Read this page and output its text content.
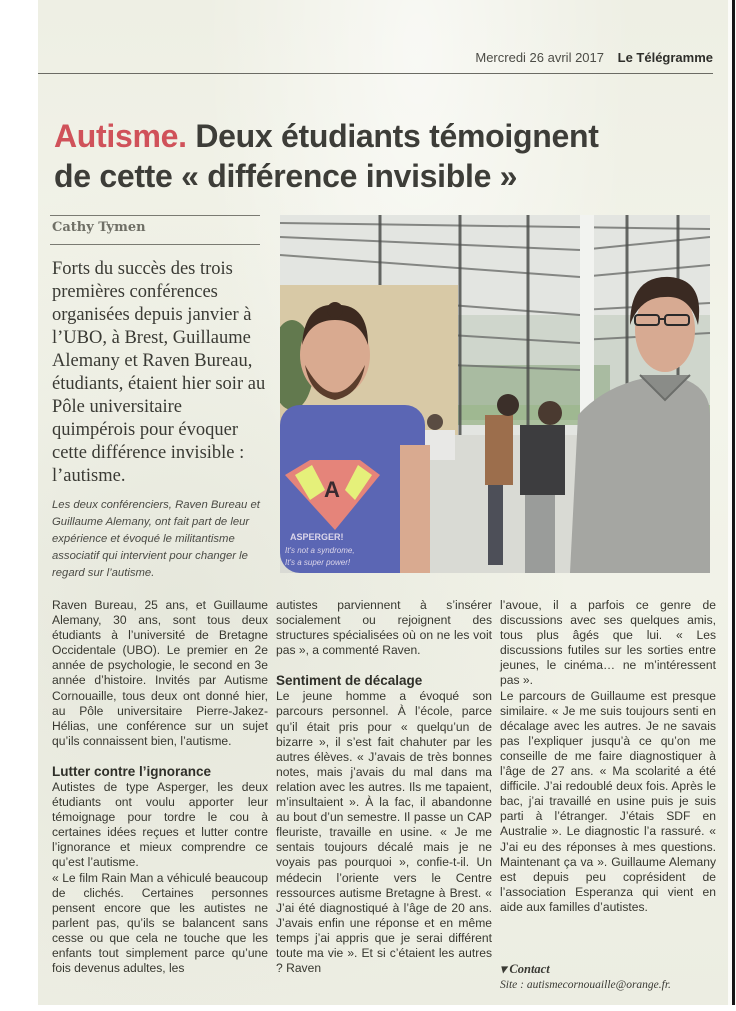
Mercredi 26 avril 2017 Le Télégramme
Autisme. Deux étudiants témoignent
de cette « différence invisible »
Cathy Tymen
Forts du succès des trois premières conférences organisées depuis janvier à l’UBO, à Brest, Guillaume Alemany et Raven Bureau, étudiants, étaient hier soir au Pôle universitaire quimpérois pour évoquer cette différence invisible : l’autisme.
Les deux conférenciers, Raven Bureau et Guillaume Alemany, ont fait part de leur expérience et évoqué le militantisme associatif qui intervient pour changer le regard sur l’autisme.
A
ASPERGER!
It's not a syndrome,
It's a super power!

Raven Bureau, 25 ans, et Guillaume Alemany, 30 ans, sont tous deux étudiants à l’université de Bretagne Occidentale (UBO). Le premier en 2e année de psychologie, le second en 3e année d’histoire. Invités par Autisme Cornouaille, tous deux ont donné hier, au Pôle universitaire Pierre-Jakez-Hélias, une conférence sur un sujet qu’ils connaissent bien, l’autisme.

Lutter contre l’ignorance

Autistes de type Asperger, les deux étudiants ont voulu apporter leur témoignage pour tordre le cou à certaines idées reçues et lutter contre l’ignorance et mieux comprendre ce qu’est l’autisme.

« Le film Rain Man a véhiculé beaucoup de clichés. Certaines personnes pensent encore que les autistes ne parlent pas, qu’ils se balancent sans cesse ou que cela ne touche que les enfants tout simplement parce qu’une fois devenus adultes, les

autistes parviennent à s’insérer socialement ou rejoignent des structures spécialisées où on ne les voit pas », a commenté Raven.

Sentiment de décalage

Le jeune homme a évoqué son parcours personnel. À l’école, parce qu’il était pris pour « quelqu’un de bizarre », il s’est fait chahuter par les autres élèves. « J’avais de très bonnes notes, mais j’avais du mal dans ma relation avec les autres. Ils me tapaient, m’insultaient ». À la fac, il abandonne au bout d’un semestre. Il passe un CAP fleuriste, travaille en usine. « Je me sentais toujours décalé mais je ne voyais pas pourquoi », confie-t-il. Un médecin l’oriente vers le Centre ressources autisme Bretagne à Brest. « J’ai été diagnostiqué à l’âge de 20 ans. J’avais enfin une réponse et en même temps j’ai appris que je serai différent toute ma vie ». Et si c’étaient les autres ? Raven

l’avoue, il a parfois ce genre de discussions avec ses quelques amis, tous plus âgés que lui. « Les discussions futiles sur les sorties entre jeunes, le cinéma… ne m’intéressent pas ».

Le parcours de Guillaume est presque similaire. « Je me suis toujours senti en décalage avec les autres. Je ne savais pas l’expliquer jusqu’à ce qu’on me conseille de me faire diagnostiquer à l’âge de 27 ans. « Ma scolarité a été difficile. J’ai redoublé deux fois. Après le bac, j’ai travaillé en usine puis je suis parti à l’étranger. J’étais SDF en Australie ». Le diagnostic l’a rassuré. « J’ai eu des réponses à mes questions. Maintenant ça va ». Guillaume Alemany est depuis peu coprésident de l’association Esperanza qui vient en aide aux familles d’autistes.

▾ Contact
Site : autismecornouaille@orange.fr.
